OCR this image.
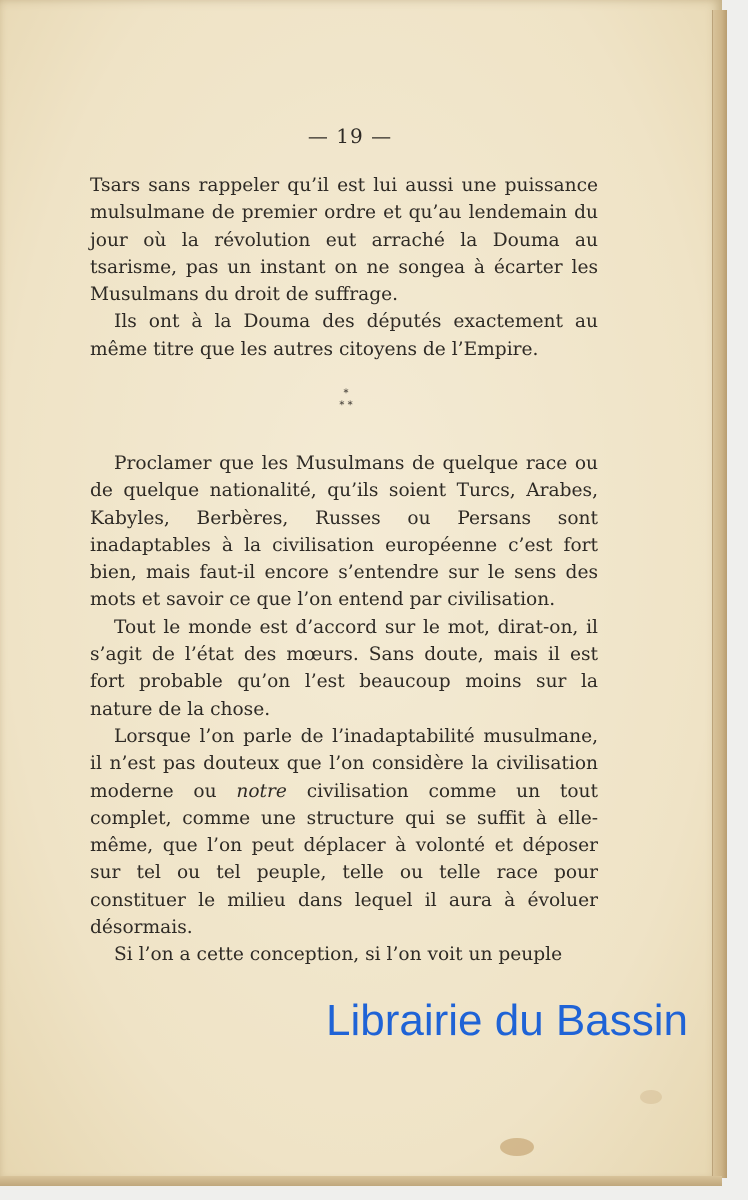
— 19 —

Tsars sans rappeler qu’il est lui aussi une puissance mulsulmane de premier ordre et qu’au lendemain du jour où la révolution eut arraché la Douma au tsarisme, pas un instant on ne songea à écarter les Musulmans du droit de suffrage.

Ils ont à la Douma des députés exactement au même titre que les autres citoyens de l’Empire.

*
* *

Proclamer que les Musulmans de quelque race ou de quelque nationalité, qu’ils soient Turcs, Arabes, Kabyles, Berbères, Russes ou Persans sont inadaptables à la civilisation européenne c’est fort bien, mais faut-il encore s’entendre sur le sens des mots et savoir ce que l’on entend par civilisation.

Tout le monde est d’accord sur le mot, dirat-on, il s’agit de l’état des mœurs. Sans doute, mais il est fort probable qu’on l’est beaucoup moins sur la nature de la chose.

Lorsque l’on parle de l’inadaptabilité musulmane, il n’est pas douteux que l’on considère la civilisation moderne ou notre civilisation comme un tout complet, comme une structure qui se suffit à elle-même, que l’on peut déplacer à volonté et déposer sur tel ou tel peuple, telle ou telle race pour constituer le milieu dans lequel il aura à évoluer désormais.

Si l’on a cette conception, si l’on voit un peuple

Librairie du Bassin
